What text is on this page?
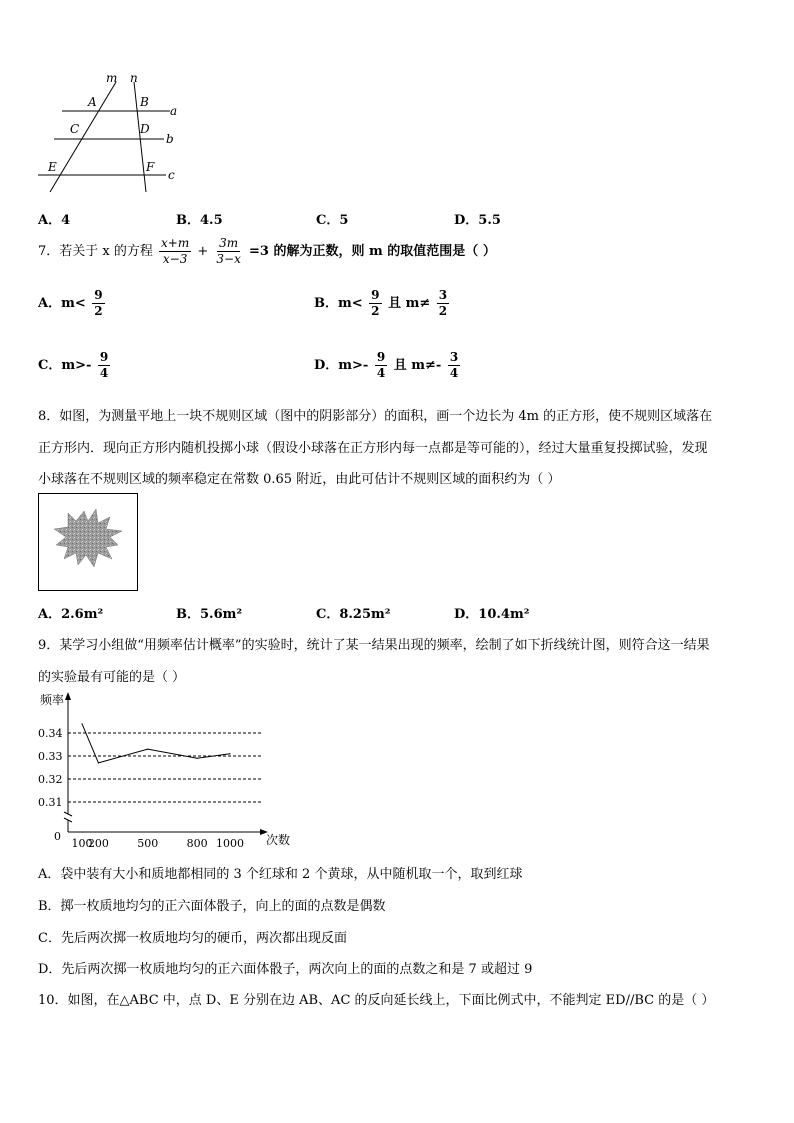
m n
a
b
c
A	B
C	D
E	F
A．4	B．4.5	C．5	D．5.5
7．若关于 x 的方程 $\frac{x+m}{x-3} + \frac{3m}{3-x} =3$ 的解为正数，则 m 的取值范围是（ ）
A．$m< \frac{9}{2}$	B．$m< \frac{9}{2}$ 且 $m\ne \frac{3}{2}$
C．$m>- \frac{9}{4}$	D．$m>- \frac{9}{4}$ 且 $m\ne- \frac{3}{4}$
8．如图，为测量平地上一块不规则区域（图中的阴影部分）的面积，画一个边长为 4m 的正方形，使不规则区域落在
正方形内．现向正方形内随机投掷小球（假设小球落在正方形内每一点都是等可能的），经过大量重复投掷试验，发现
小球落在不规则区域的频率稳定在常数 0.65 附近，由此可估计不规则区域的面积约为（ ）
A．2.6m²	B．5.6m²	C．8.25m²	D．10.4m²
9．某学习小组做“用频率估计概率”的实验时，统计了某一结果出现的频率，绘制了如下折线统计图，则符合这一结果
的实验最有可能的是（ ）
频率
次数
0
0.34
0.33
0.32
0.31
100
200	500	800 1000
A．袋中装有大小和质地都相同的 3 个红球和 2 个黄球，从中随机取一个，取到红球
B．掷一枚质地均匀的正六面体骰子，向上的面的点数是偶数
C．先后两次掷一枚质地均匀的硬币，两次都出现反面
D．先后两次掷一枚质地均匀的正六面体骰子，两次向上的面的点数之和是 7 或超过 9
10．如图，在△ABC 中，点 D、E 分别在边 AB、AC 的反向延长线上，下面比例式中，不能判定 ED//BC 的是（ ）
